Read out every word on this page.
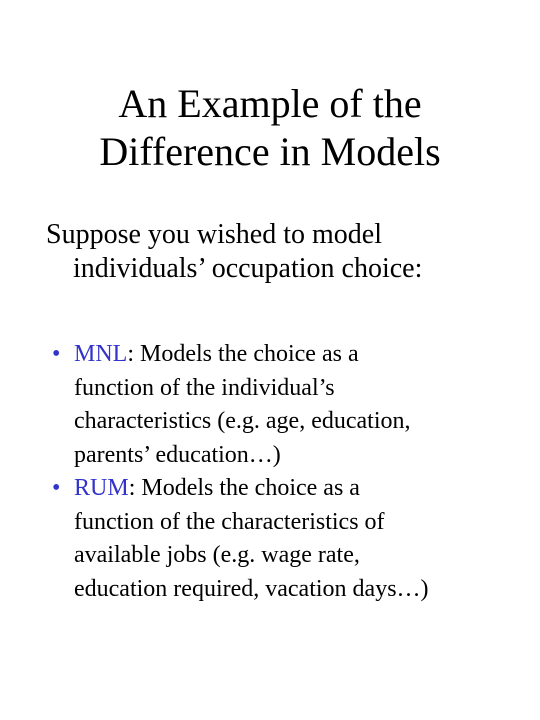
An Example of the
Difference in Models
Suppose you wished to model
individuals’ occupation choice:
• MNL: Models the choice as a
function of the individual’s
characteristics (e.g. age, education,
parents’ education…)
• RUM: Models the choice as a
function of the characteristics of
available jobs (e.g. wage rate,
education required, vacation days…)
